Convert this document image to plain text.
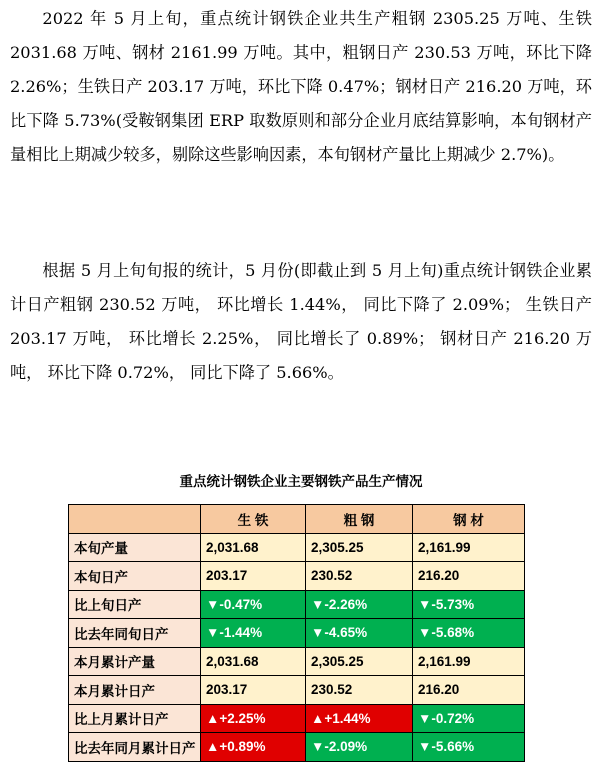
2022 年 5 月上旬，重点统计钢铁企业共生产粗钢 2305.25 万吨、生铁 2031.68 万吨、钢材 2161.99 万吨。其中，粗钢日产 230.53 万吨，环比下降 2.26%；生铁日产 203.17 万吨，环比下降 0.47%；钢材日产 216.20 万吨，环比下降 5.73%(受鞍钢集团 ERP 取数原则和部分企业月底结算影响，本旬钢材产量相比上期减少较多，剔除这些影响因素，本旬钢材产量比上期减少 2.7%)。

根据 5 月上旬旬报的统计，5 月份(即截止到 5 月上旬)重点统计钢铁企业累计日产粗钢 230.52 万吨， 环比增长 1.44%， 同比下降了 2.09%； 生铁日产 203.17 万吨， 环比增长 2.25%， 同比增长了 0.89%； 钢材日产 216.20 万吨， 环比下降 0.72%， 同比下降了 5.66%。

重点统计钢铁企业主要钢铁产品生产情况
	生 铁	粗 钢	钢 材
本旬产量	2,031.68	2,305.25	2,161.99
本旬日产	203.17	230.52	216.20
比上旬日产	▼-0.47%	▼-2.26%	▼-5.73%
比去年同旬日产	▼-1.44%	▼-4.65%	▼-5.68%
本月累计产量	2,031.68	2,305.25	2,161.99
本月累计日产	203.17	230.52	216.20
比上月累计日产	▲+2.25%	▲+1.44%	▼-0.72%
比去年同月累计日产	▲+0.89%	▼-2.09%	▼-5.66%
